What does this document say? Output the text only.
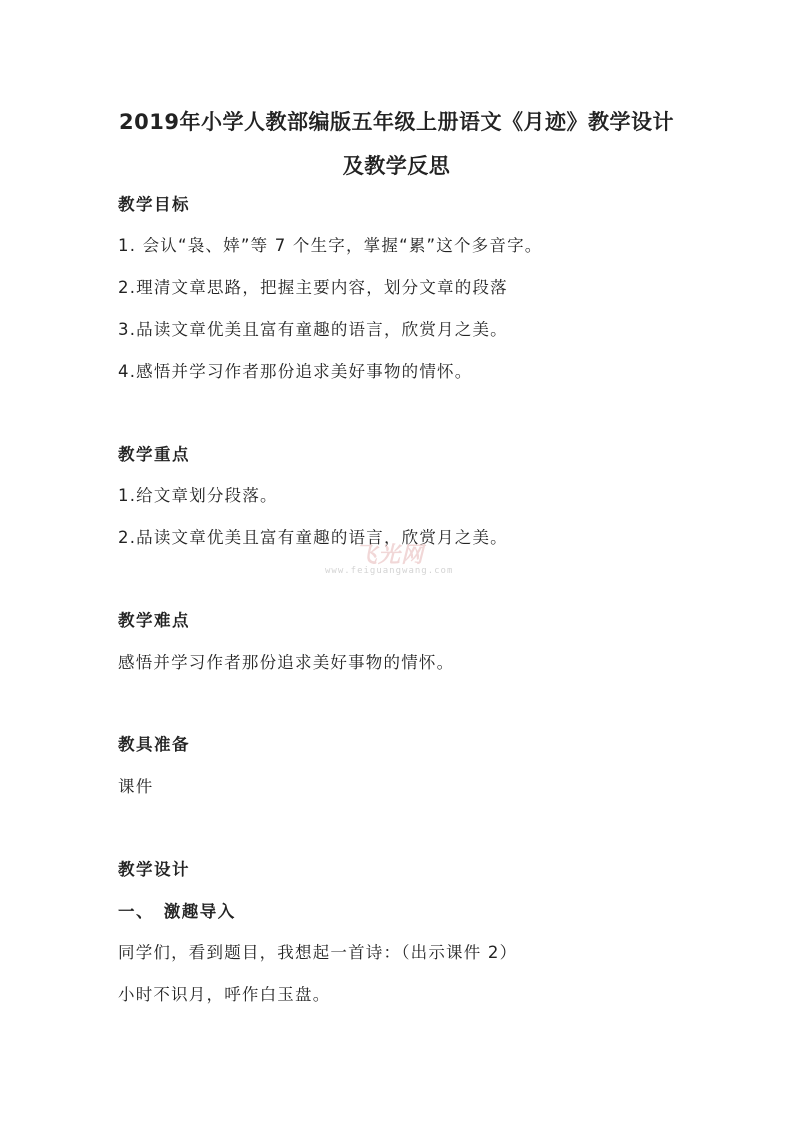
2019年小学人教部编版五年级上册语文《月迹》教学设计
及教学反思
教学目标
1. 会认“袅、婞”等 7 个生字，掌握“累”这个多音字。
2.理清文章思路，把握主要内容，划分文章的段落
3.品读文章优美且富有童趣的语言，欣赏月之美。
4.感悟并学习作者那份追求美好事物的情怀。
教学重点
1.给文章划分段落。
2.品读文章优美且富有童趣的语言，欣赏月之美。
飞光网
www.feiguangwang.com
教学难点
感悟并学习作者那份追求美好事物的情怀。
教具准备
课件
教学设计
一、　激趣导入
同学们，看到题目，我想起一首诗：（出示课件 2）
小时不识月，呼作白玉盘。
